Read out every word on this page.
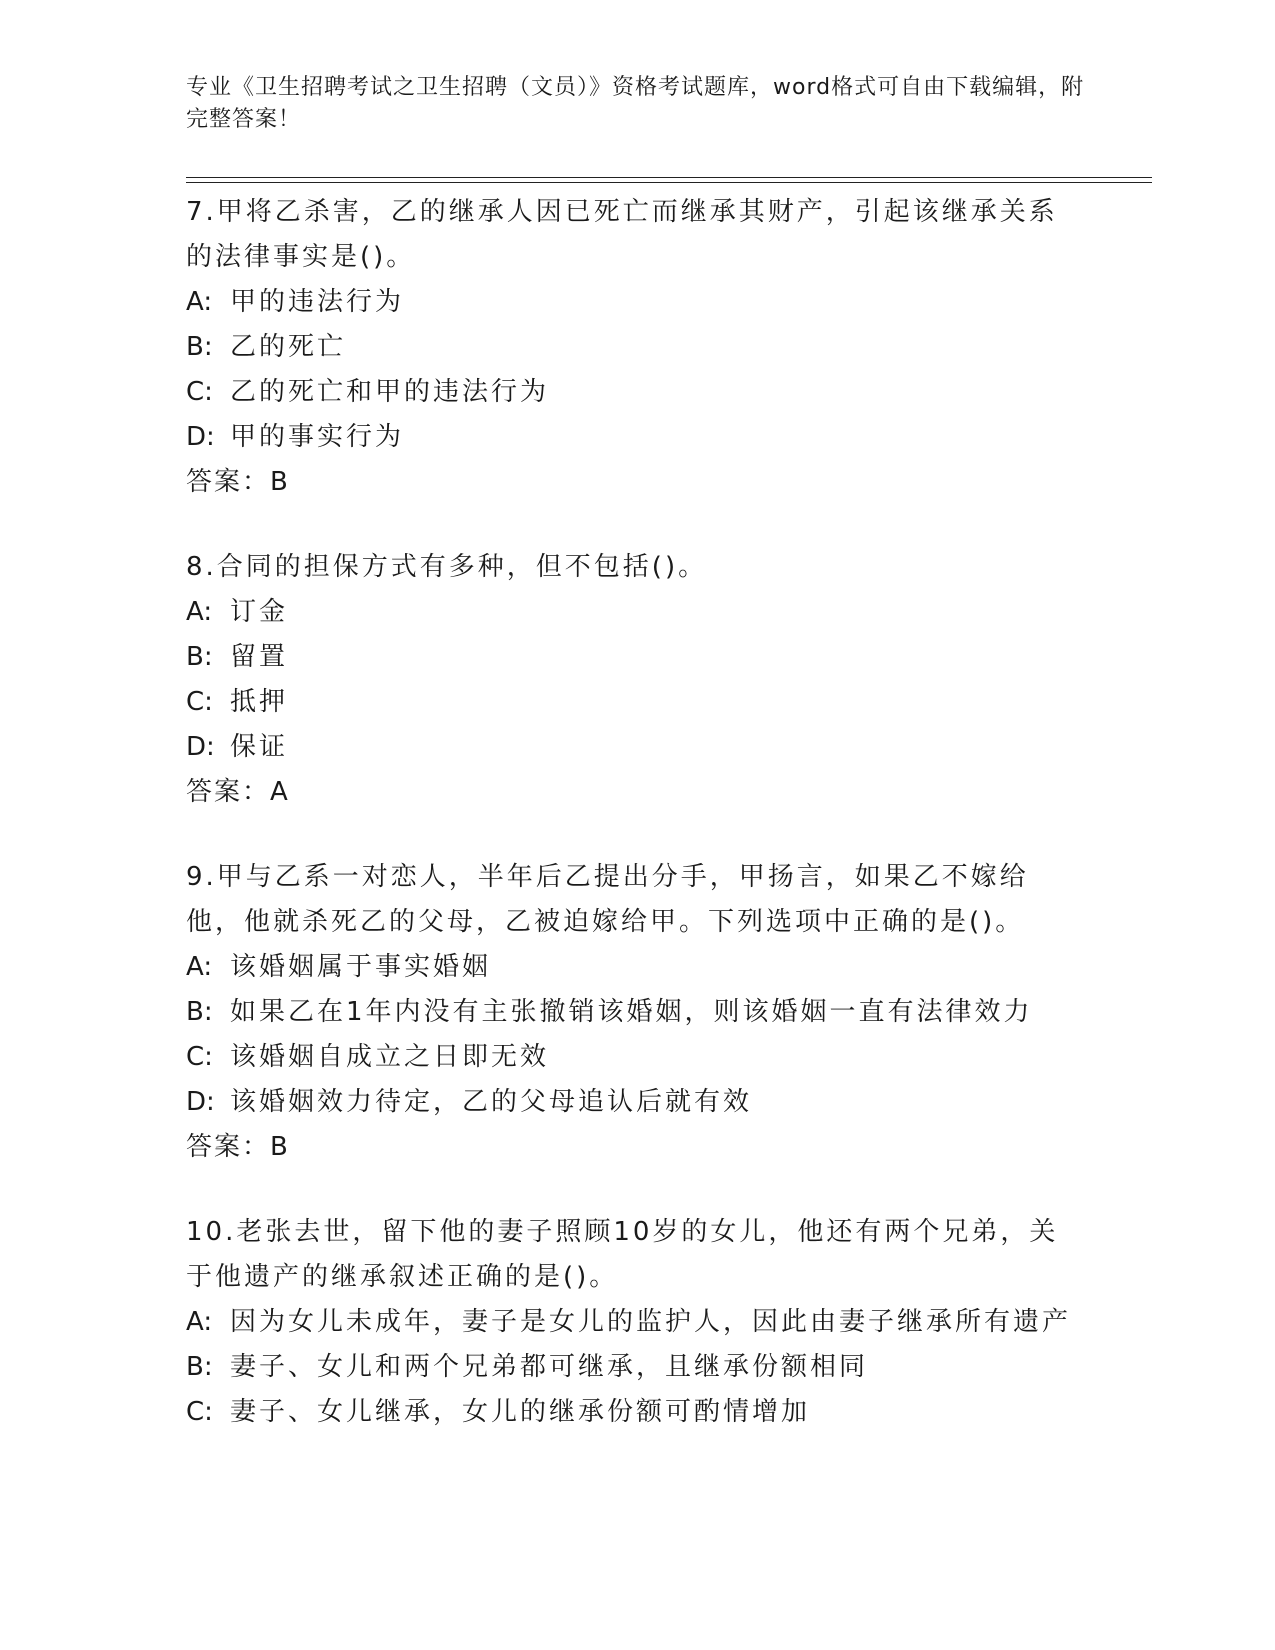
专业《卫生招聘考试之卫生招聘（文员）》资格考试题库，word格式可自由下载编辑，附完整答案！
7.甲将乙杀害，乙的继承人因已死亡而继承其财产，引起该继承关系的法律事实是()。
A: 甲的违法行为
B: 乙的死亡
C: 乙的死亡和甲的违法行为
D: 甲的事实行为
答案：B
8.合同的担保方式有多种，但不包括()。
A: 订金
B: 留置
C: 抵押
D: 保证
答案：A
9.甲与乙系一对恋人，半年后乙提出分手，甲扬言，如果乙不嫁给他，他就杀死乙的父母，乙被迫嫁给甲。下列选项中正确的是()。
A: 该婚姻属于事实婚姻
B: 如果乙在1年内没有主张撤销该婚姻，则该婚姻一直有法律效力
C: 该婚姻自成立之日即无效
D: 该婚姻效力待定，乙的父母追认后就有效
答案：B
10.老张去世，留下他的妻子照顾10岁的女儿，他还有两个兄弟，关于他遗产的继承叙述正确的是()。
A: 因为女儿未成年，妻子是女儿的监护人，因此由妻子继承所有遗产
B: 妻子、女儿和两个兄弟都可继承，且继承份额相同
C: 妻子、女儿继承，女儿的继承份额可酌情增加
